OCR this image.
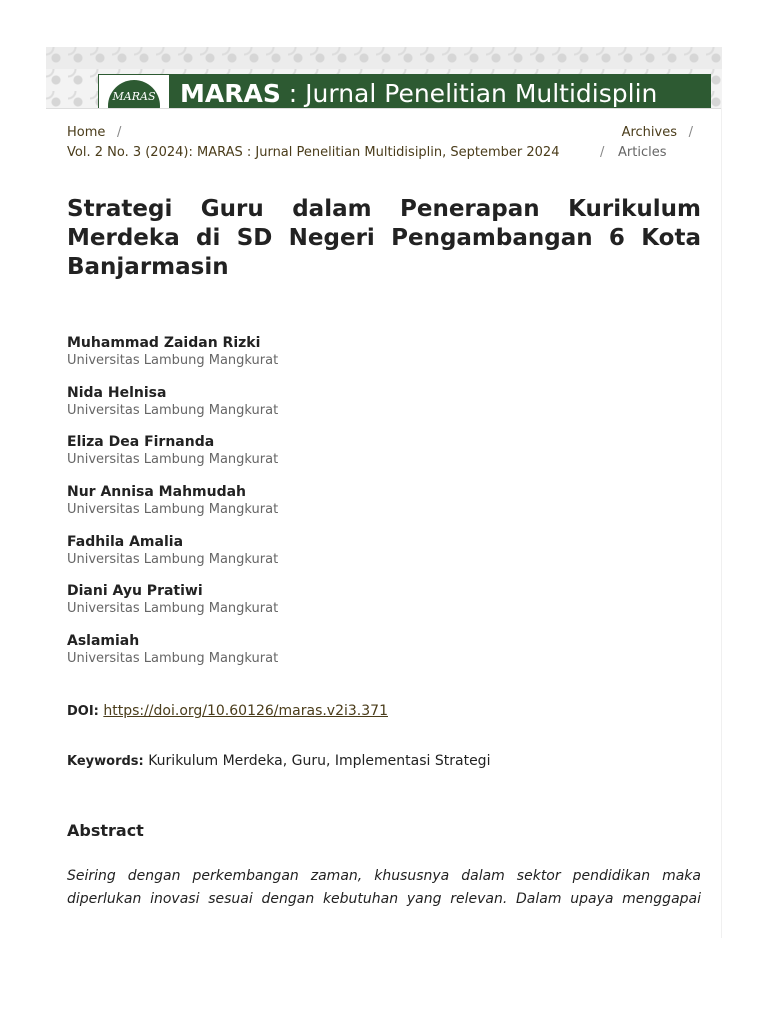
MARAS MARAS : Jurnal Penelitian Multidisplin
Home /	Archives /
Vol. 2 No. 3 (2024): MARAS : Jurnal Penelitian Multidisiplin, September 2024	/ Articles
Strategi Guru dalam Penerapan Kurikulum Merdeka di SD Negeri Pengambangan 6 Kota Banjarmasin
Muhammad Zaidan Rizki
Universitas Lambung Mangkurat
Nida Helnisa
Universitas Lambung Mangkurat
Eliza Dea Firnanda
Universitas Lambung Mangkurat
Nur Annisa Mahmudah
Universitas Lambung Mangkurat
Fadhila Amalia
Universitas Lambung Mangkurat
Diani Ayu Pratiwi
Universitas Lambung Mangkurat
Aslamiah
Universitas Lambung Mangkurat
DOI: https://doi.org/10.60126/maras.v2i3.371
Keywords: Kurikulum Merdeka, Guru, Implementasi Strategi
Abstract

Seiring dengan perkembangan zaman, khususnya dalam sektor pendidikan maka diperlukan inovasi sesuai dengan kebutuhan yang relevan. Dalam upaya menggapai
